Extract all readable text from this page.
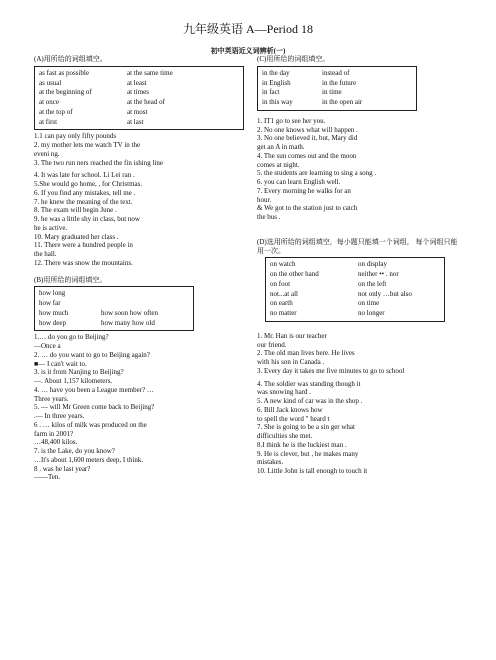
九年级英语 A—Period 18
初中英语近义词辨析(一)
(A)用所给的词组填空。
as fast as possible	at the same time
as usual	at least
at the beginning of	at times
at once	at the head of
at the top of	at most
at first	at last

1.1 can pay only fifty pounds

2. my mother lets me watch TV in the

eveni ng.

3. The two run ners reached the fin ishing line

4. It was late for school. Li Lei ran .

5.She would go home, , for Christmas.

6. If you find any mistakes, tell me .

7. he knew the meaning of the text.

8. The exam will begin June .

9. he was a little shy in class, but now

he is active.

10. Mary graduated her class .

11. There were a hundred people in

the hall.

12. There was snow the mountains.

(B)用所给的词组填空。
how long
how far
how much	how soon how often
how deep	how many how old

1.… do you go to Beijing?

—Once a

2. … do you want to go to Beijing again?

■— I can't wait to.

3. is it from Nanjing to Beijing?

—. About 1,157 kilometers.

4. … have you been a League member? …

Three years.

5. — will Mr Green come back to Beijing?

.— In three years.

6 . … kilos of milk was produced on the

farm in 2001?

…48,400 kilos.

7. is the Lake, do you know?

…It's about 1,600 meters deep, I think.

8 . was he last year?

——Ten.

(C)用所给的词组填空。
in the day	instead of
in English	in the future
in fact	in time
in this way	in the open air

1. IT1 go to see her you.

2. No one knows what will happen .

3. No one believed it, but, Mary did

get an A in math.

4. The sun comes out and the moon

comes at night.

5. the students are learning to sing a song .

6. you can learn English well.

7. Every morning he walks for an

hour.

& We got to the station just to catch

the bus .

(D)选用所给的词组填空，每小题只能填一个词组， 每个词组只能用一次。
on watch	on display
on the other hand	neither •• . nor
on foot	on the left
not...at all	not only …but also
on earth	on time
no matter	no longer

1. Mr. Han is our teacher

our friend.

2. The old man lives here. He lives

with his son in Canada .

3. Every day it takes me five minutes to go to school

4. The soldier was standing though it

was snowing hard .

5. A new kind of car was in the shop .

6. Bill Jack knows how

to spell the word " heard t

7. She is going to be a sin ger what

difficulties she met.

8.I think he is the luckiest man .

9. He is clever, but , he makes many

mistakes.

10. Little John is tall enough to touch it
